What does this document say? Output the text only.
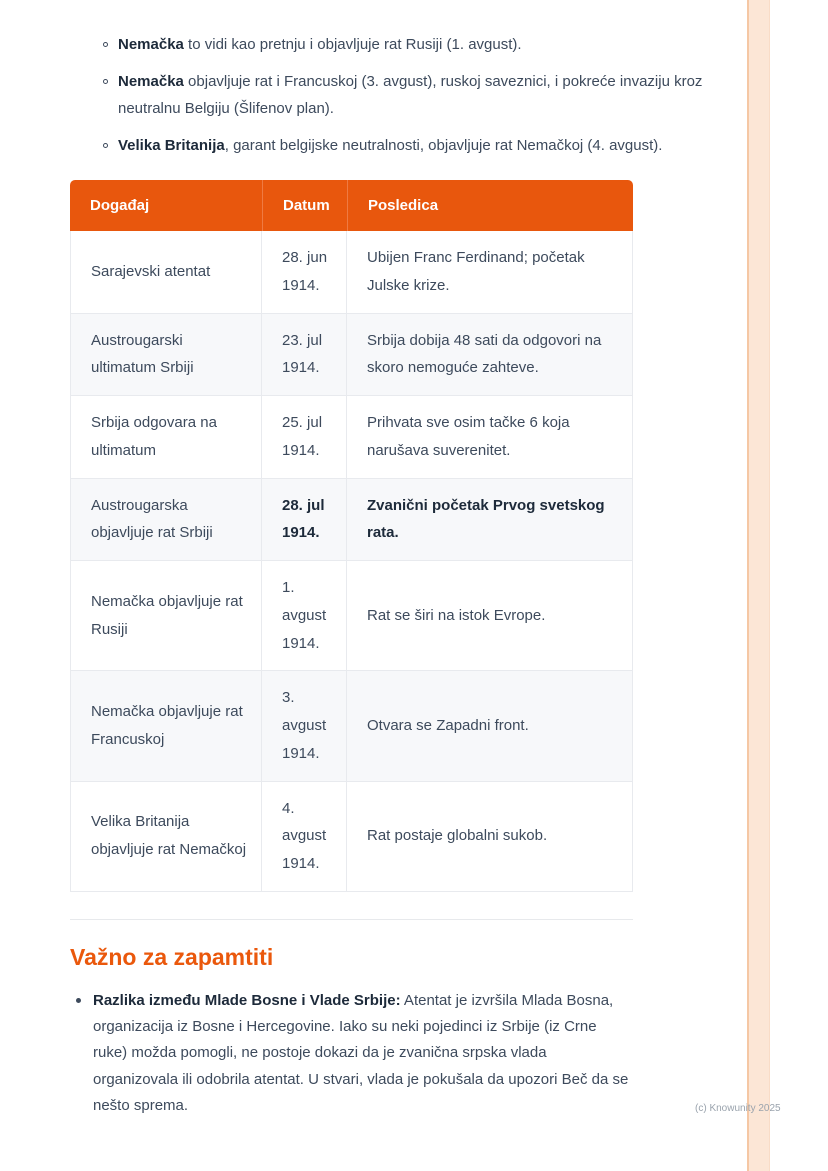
Nemačka to vidi kao pretnju i objavljuje rat Rusiji (1. avgust).

Nemačka objavljuje rat i Francuskoj (3. avgust), ruskoj saveznici, i pokreće invaziju kroz neutralnu Belgiju (Šlifenov plan).

Velika Britanija, garant belgijske neutralnosti, objavljuje rat Nemačkoj (4. avgust).

Događaj	Datum	Posledica
Sarajevski atentat	28. jun 1914.	Ubijen Franc Ferdinand; početak Julske krize.
Austrougarski ultimatum Srbiji	23. jul 1914.	Srbija dobija 48 sati da odgovori na skoro nemoguće zahteve.
Srbija odgovara na ultimatum	25. jul 1914.	Prihvata sve osim tačke 6 koja narušava suverenitet.
Austrougarska objavljuje rat Srbiji	28. jul 1914.	Zvanični početak Prvog svetskog rata.
Nemačka objavljuje rat Rusiji	1. avgust 1914.	Rat se širi na istok Evrope.
Nemačka objavljuje rat Francuskoj	3. avgust 1914.	Otvara se Zapadni front.
Velika Britanija objavljuje rat Nemačkoj	4. avgust 1914.	Rat postaje globalni sukob.
Važno za zapamtiti

Razlika između Mlade Bosne i Vlade Srbije: Atentat je izvršila Mlada Bosna, organizacija iz Bosne i Hercegovine. Iako su neki pojedinci iz Srbije (iz Crne ruke) možda pomogli, ne postoje dokazi da je zvanična srpska vlada organizovala ili odobrila atentat. U stvari, vlada je pokušala da upozori Beč da se nešto sprema.	(c) Knowunity 2025
